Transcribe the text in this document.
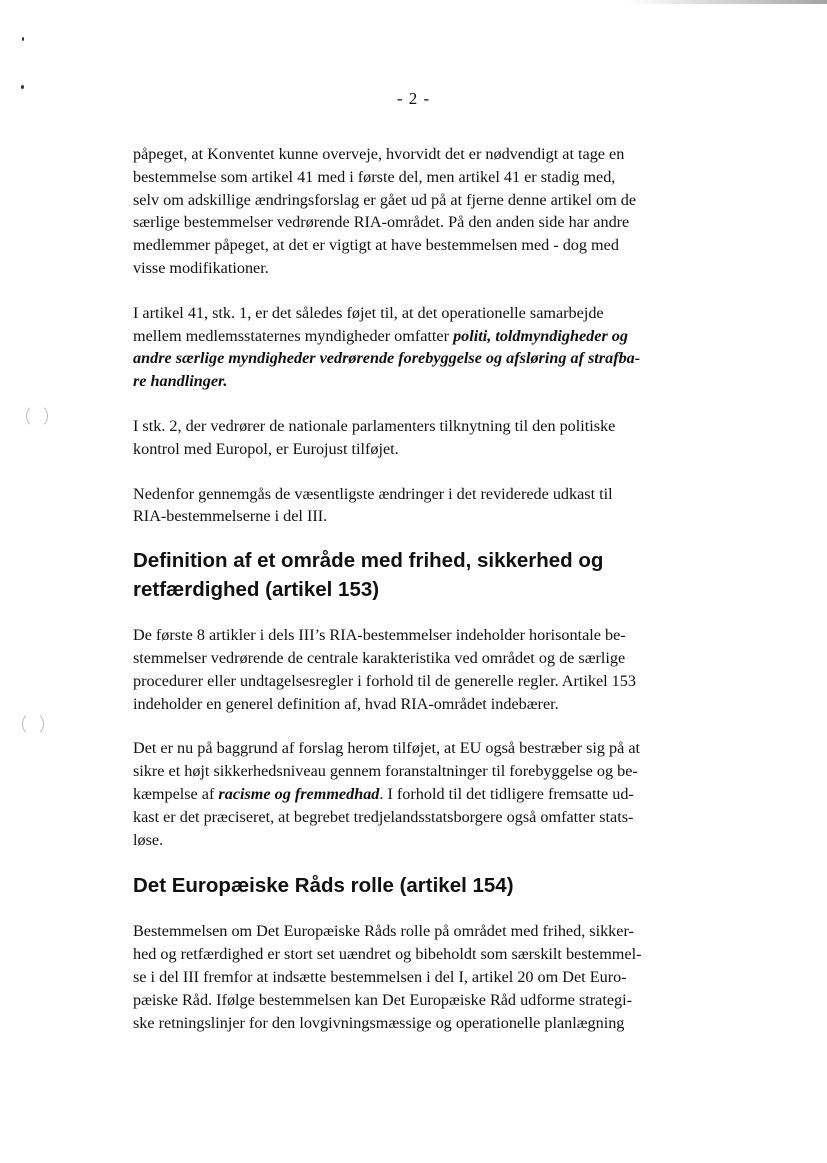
- 2 -

påpeget, at Konventet kunne overveje, hvorvidt det er nødvendigt at tage en
bestemmelse som artikel 41 med i første del, men artikel 41 er stadig med,
selv om adskillige ændringsforslag er gået ud på at fjerne denne artikel om de
særlige bestemmelser vedrørende RIA-området. På den anden side har andre
medlemmer påpeget, at det er vigtigt at have bestemmelsen med - dog med
visse modifikationer.

I artikel 41, stk. 1, er det således føjet til, at det operationelle samarbejde
mellem medlemsstaternes myndigheder omfatter politi, toldmyndigheder og
andre særlige myndigheder vedrørende forebyggelse og afsløring af strafba-
re handlinger.

I stk. 2, der vedrører de nationale parlamenters tilknytning til den politiske
kontrol med Europol, er Eurojust tilføjet.

Nedenfor gennemgås de væsentligste ændringer i det reviderede udkast til
RIA-bestemmelserne i del III.

Definition af et område med frihed, sikkerhed og
retfærdighed (artikel 153)

De første 8 artikler i dels III’s RIA-bestemmelser indeholder horisontale be-
stemmelser vedrørende de centrale karakteristika ved området og de særlige
procedurer eller undtagelsesregler i forhold til de generelle regler. Artikel 153
indeholder en generel definition af, hvad RIA-området indebærer.

Det er nu på baggrund af forslag herom tilføjet, at EU også bestræber sig på at
sikre et højt sikkerhedsniveau gennem foranstaltninger til forebyggelse og be-
kæmpelse af racisme og fremmedhad. I forhold til det tidligere fremsatte ud-
kast er det præciseret, at begrebet tredjelandsstatsborgere også omfatter stats-
løse.

Det Europæiske Råds rolle (artikel 154)

Bestemmelsen om Det Europæiske Råds rolle på området med frihed, sikker-
hed og retfærdighed er stort set uændret og bibeholdt som særskilt bestemmel-
se i del III fremfor at indsætte bestemmelsen i del I, artikel 20 om Det Euro-
pæiske Råd. Ifølge bestemmelsen kan Det Europæiske Råd udforme strategi-
ske retningslinjer for den lovgivningsmæssige og operationelle planlægning
